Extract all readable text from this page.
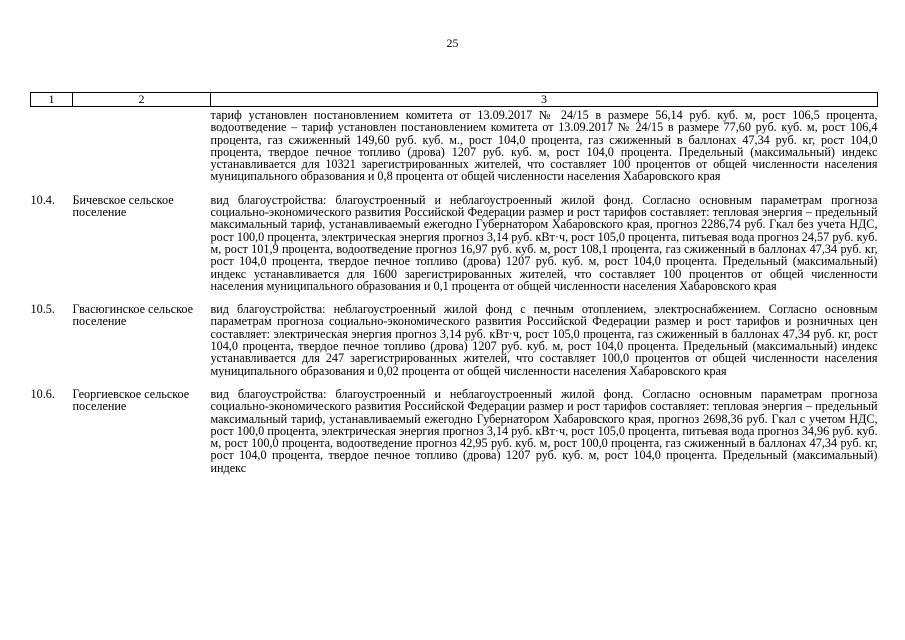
25
1	2	3
		тариф установлен постановлением комитета от 13.09.2017 № 24/15 в размере 56,14 руб. куб. м, рост 106,5 процента, водоотведение – тариф установлен постановлением комитета от 13.09.2017 № 24/15 в размере 77,60 руб. куб. м, рост 106,4 процента, газ сжиженный 149,60 руб. куб. м., рост 104,0 процента, газ сжиженный в баллонах 47,34 руб. кг, рост 104,0 процента, твердое печное топливо (дрова) 1207 руб. куб. м, рост 104,0 процента. Предельный (максимальный) индекс устанавливается для 10321 зарегистрированных жителей, что составляет 100 процентов от общей численности населения муниципального образования и 0,8 процента от общей численности населения Хабаровского края

10.4.	Бичевское сельское поселение	вид благоустройства: благоустроенный и неблагоустроенный жилой фонд. Согласно основным параметрам прогноза социально-экономического развития Российской Федерации размер и рост тарифов составляет: тепловая энергия – предельный максимальный тариф, устанавливаемый ежегодно Губернатором Хабаровского края, прогноз 2286,74 руб. Гкал без учета НДС, рост 100,0 процента, электрическая энергия прогноз 3,14 руб. кВт·ч, рост 105,0 процента, питьевая вода прогноз 24,57 руб. куб. м, рост 101,9 процента, водоотведение прогноз 16,97 руб. куб. м, рост 108,1 процента, газ сжиженный в баллонах 47,34 руб. кг, рост 104,0 процента, твердое печное топливо (дрова) 1207 руб. куб. м, рост 104,0 процента. Предельный (максимальный) индекс устанавливается для 1600 зарегистрированных жителей, что составляет 100 процентов от общей численности населения муниципального образования и 0,1 процента от общей численности населения Хабаровского края

10.5.	Гвасюгинское сельское поселение	вид благоустройства: неблагоустроенный жилой фонд с печным отоплением, электроснабжением. Согласно основным параметрам прогноза социально-экономического развития Российской Федерации размер и рост тарифов и розничных цен составляет: электрическая энергия прогноз 3,14 руб. кВт·ч, рост 105,0 процента, газ сжиженный в баллонах 47,34 руб. кг, рост 104,0 процента, твердое печное топливо (дрова) 1207 руб. куб. м, рост 104,0 процента. Предельный (максимальный) индекс устанавливается для 247 зарегистрированных жителей, что составляет 100,0 процентов от общей численности населения муниципального образования и 0,02 процента от общей численности населения Хабаровского края

10.6.	Георгиевское сельское поселение	вид благоустройства: благоустроенный и неблагоустроенный жилой фонд. Согласно основным параметрам прогноза социально-экономического развития Российской Федерации размер и рост тарифов составляет: тепловая энергия – предельный максимальный тариф, устанавливаемый ежегодно Губернатором Хабаровского края, прогноз 2698,36 руб. Гкал с учетом НДС, рост 100,0 процента, электрическая энергия прогноз 3,14 руб. кВт·ч, рост 105,0 процента, питьевая вода прогноз 34,96 руб. куб. м, рост 100,0 процента, водоотведение прогноз 42,95 руб. куб. м, рост 100,0 процента, газ сжиженный в баллонах 47,34 руб. кг, рост 104,0 процента, твердое печное топливо (дрова) 1207 руб. куб. м, рост 104,0 процента. Предельный (максимальный) индекс
